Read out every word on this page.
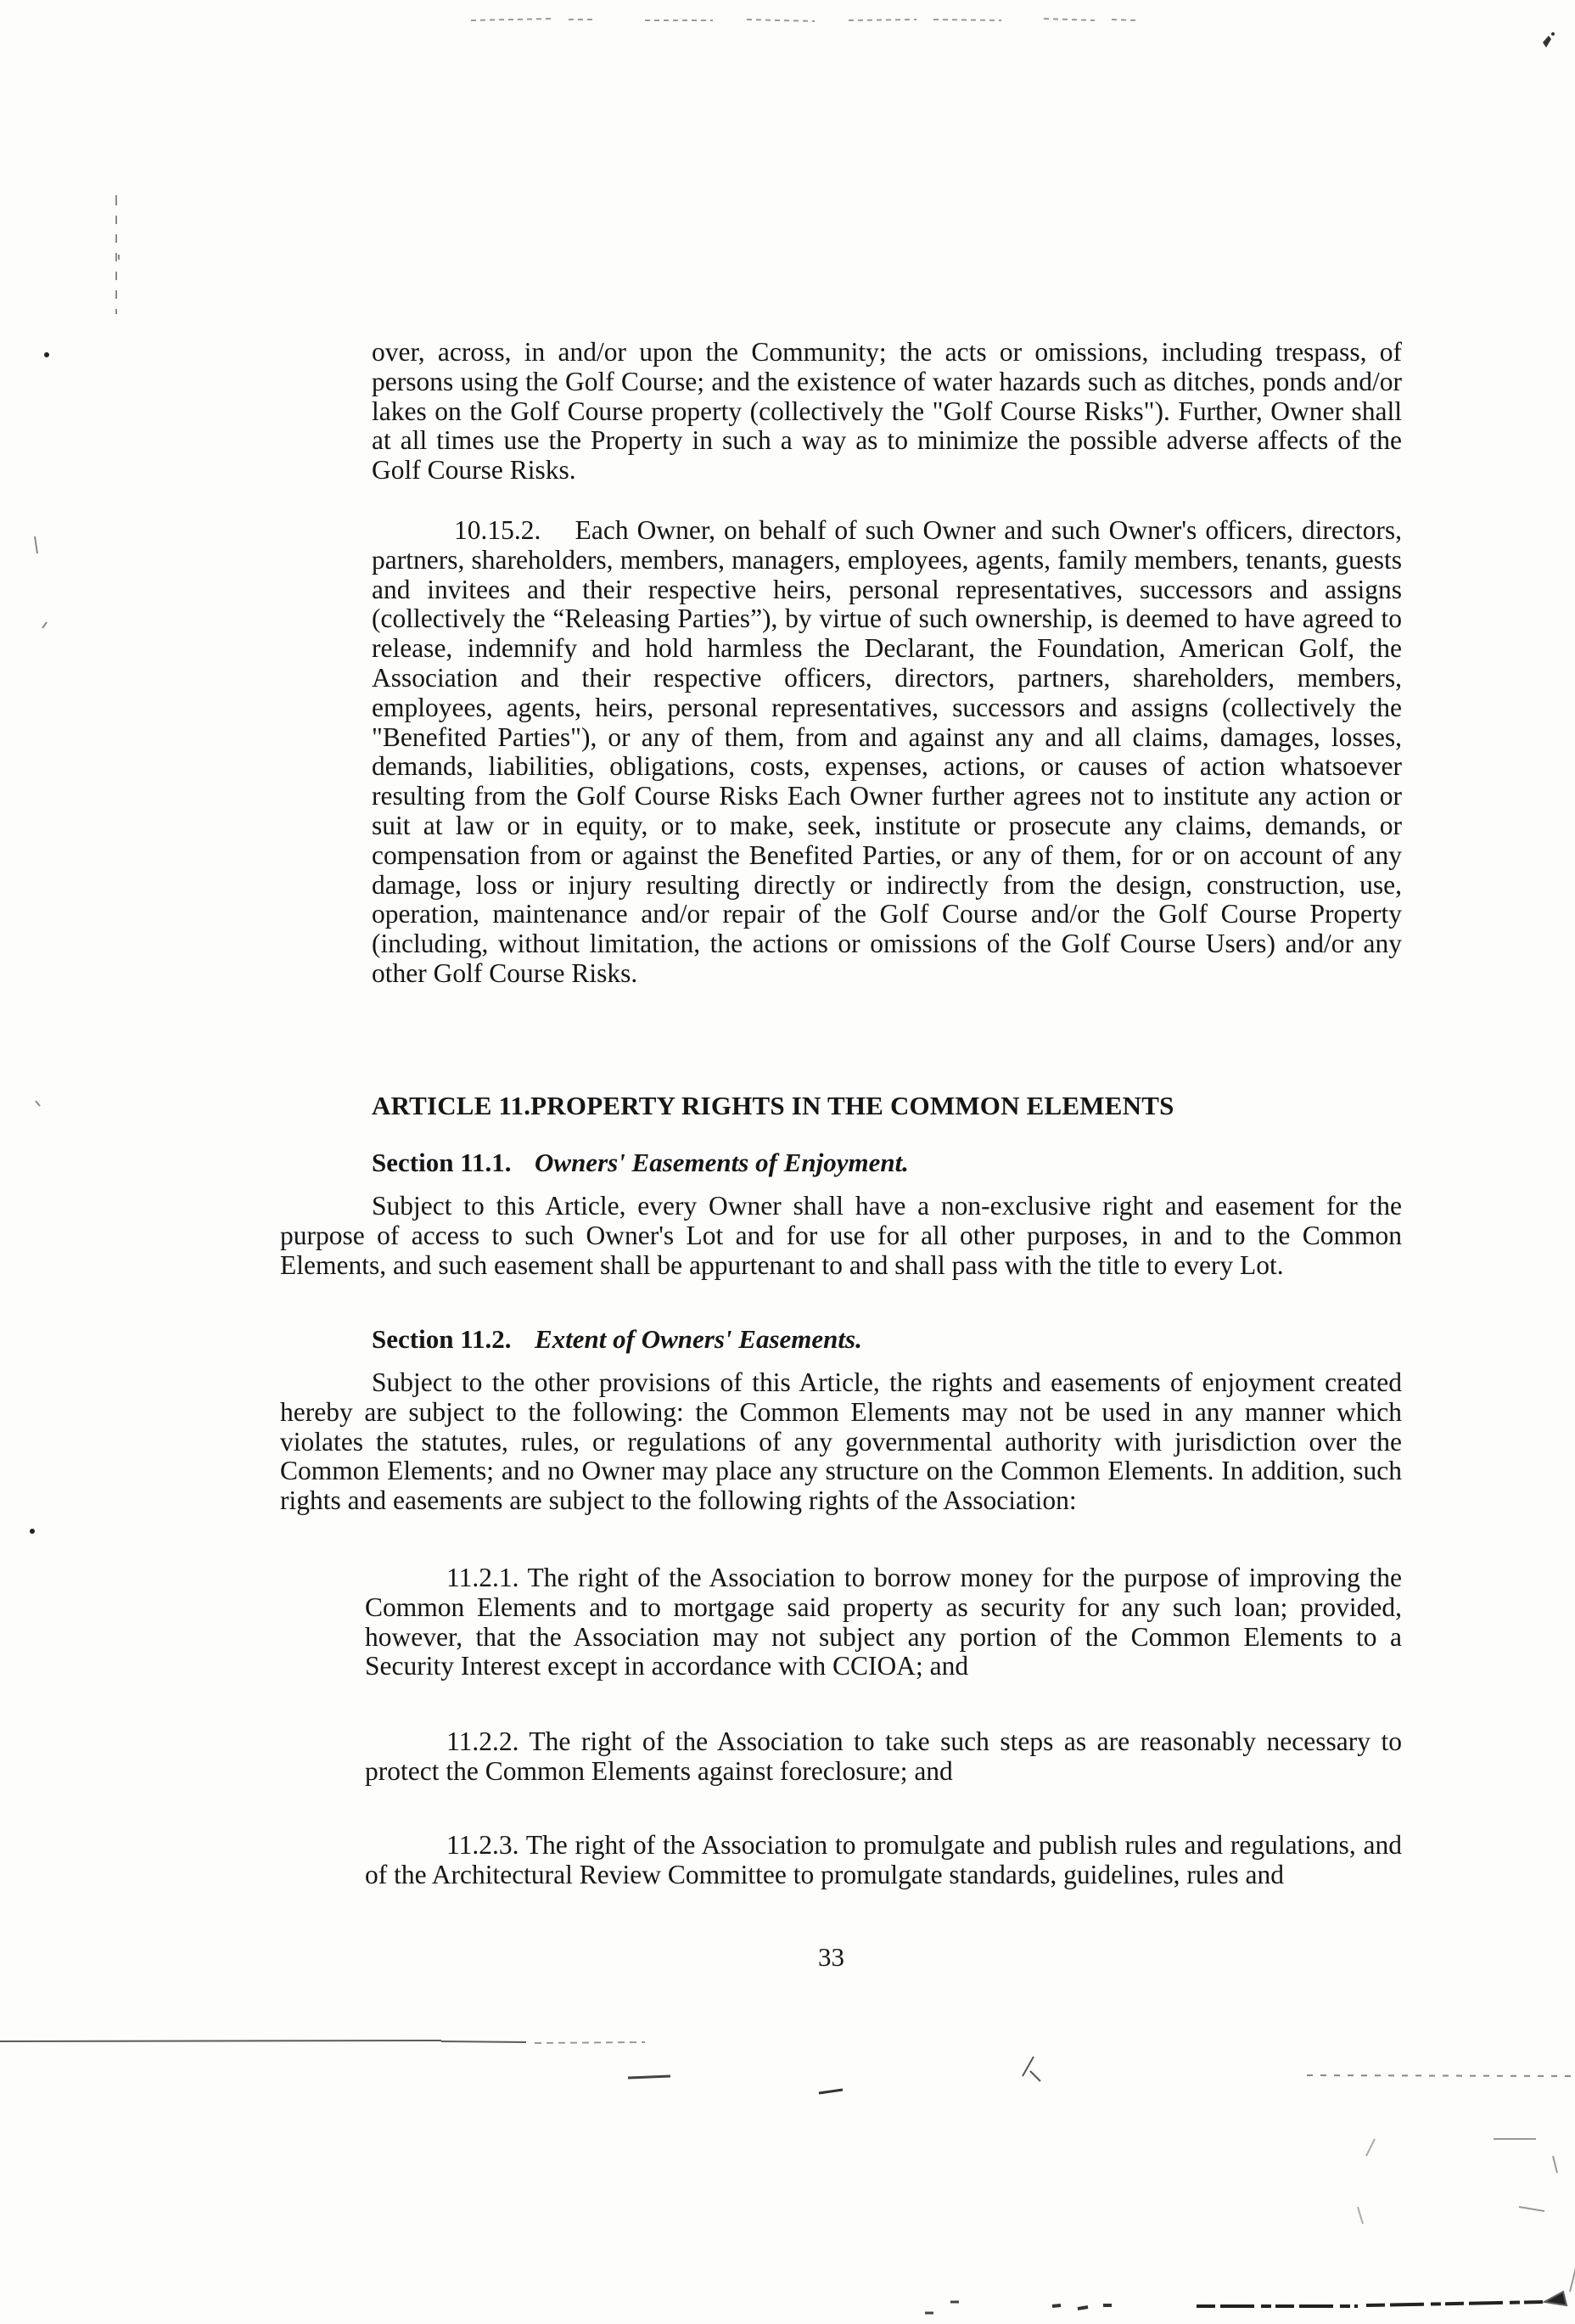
over, across, in and/or upon the Community; the acts or omissions, including trespass, of persons using the Golf Course; and the existence of water hazards such as ditches, ponds and/or lakes on the Golf Course property (collectively the "Golf Course Risks"). Further, Owner shall at all times use the Property in such a way as to minimize the possible adverse affects of the Golf Course Risks.

10.15.2.    Each Owner, on behalf of such Owner and such Owner's officers, directors, partners, shareholders, members, managers, employees, agents, family members, tenants, guests and invitees and their respective heirs, personal representatives, successors and assigns (collectively the “Releasing Parties”), by virtue of such ownership, is deemed to have agreed to release, indemnify and hold harmless the Declarant, the Foundation, American Golf, the Association and their respective officers, directors, partners, shareholders, members, employees, agents, heirs, personal representatives, successors and assigns (collectively the "Benefited Parties"), or any of them, from and against any and all claims, damages, losses, demands, liabilities, obligations, costs, expenses, actions, or causes of action whatsoever resulting from the Golf Course Risks Each Owner further agrees not to institute any action or suit at law or in equity, or to make, seek, institute or prosecute any claims, demands, or compensation from or against the Benefited Parties, or any of them, for or on account of any damage, loss or injury resulting directly or indirectly from the design, construction, use, operation, maintenance and/or repair of the Golf Course and/or the Golf Course Property (including, without limitation, the actions or omissions of the Golf Course Users) and/or any other Golf Course Risks.

ARTICLE 11.PROPERTY RIGHTS IN THE COMMON ELEMENTS
Section 11.1. Owners' Easements of Enjoyment.

Subject to this Article, every Owner shall have a non-exclusive right and easement for the purpose of access to such Owner's Lot and for use for all other purposes, in and to the Common Elements, and such easement shall be appurtenant to and shall pass with the title to every Lot.

Section 11.2. Extent of Owners' Easements.

Subject to the other provisions of this Article, the rights and easements of enjoyment created hereby are subject to the following: the Common Elements may not be used in any manner which violates the statutes, rules, or regulations of any governmental authority with jurisdiction over the Common Elements; and no Owner may place any structure on the Common Elements. In addition, such rights and easements are subject to the following rights of the Association:

11.2.1. The right of the Association to borrow money for the purpose of improving the Common Elements and to mortgage said property as security for any such loan; provided, however, that the Association may not subject any portion of the Common Elements to a Security Interest except in accordance with CCIOA; and

11.2.2. The right of the Association to take such steps as are reasonably necessary to protect the Common Elements against foreclosure; and

11.2.3. The right of the Association to promulgate and publish rules and regulations, and of the Architectural Review Committee to promulgate standards, guidelines, rules and

33
